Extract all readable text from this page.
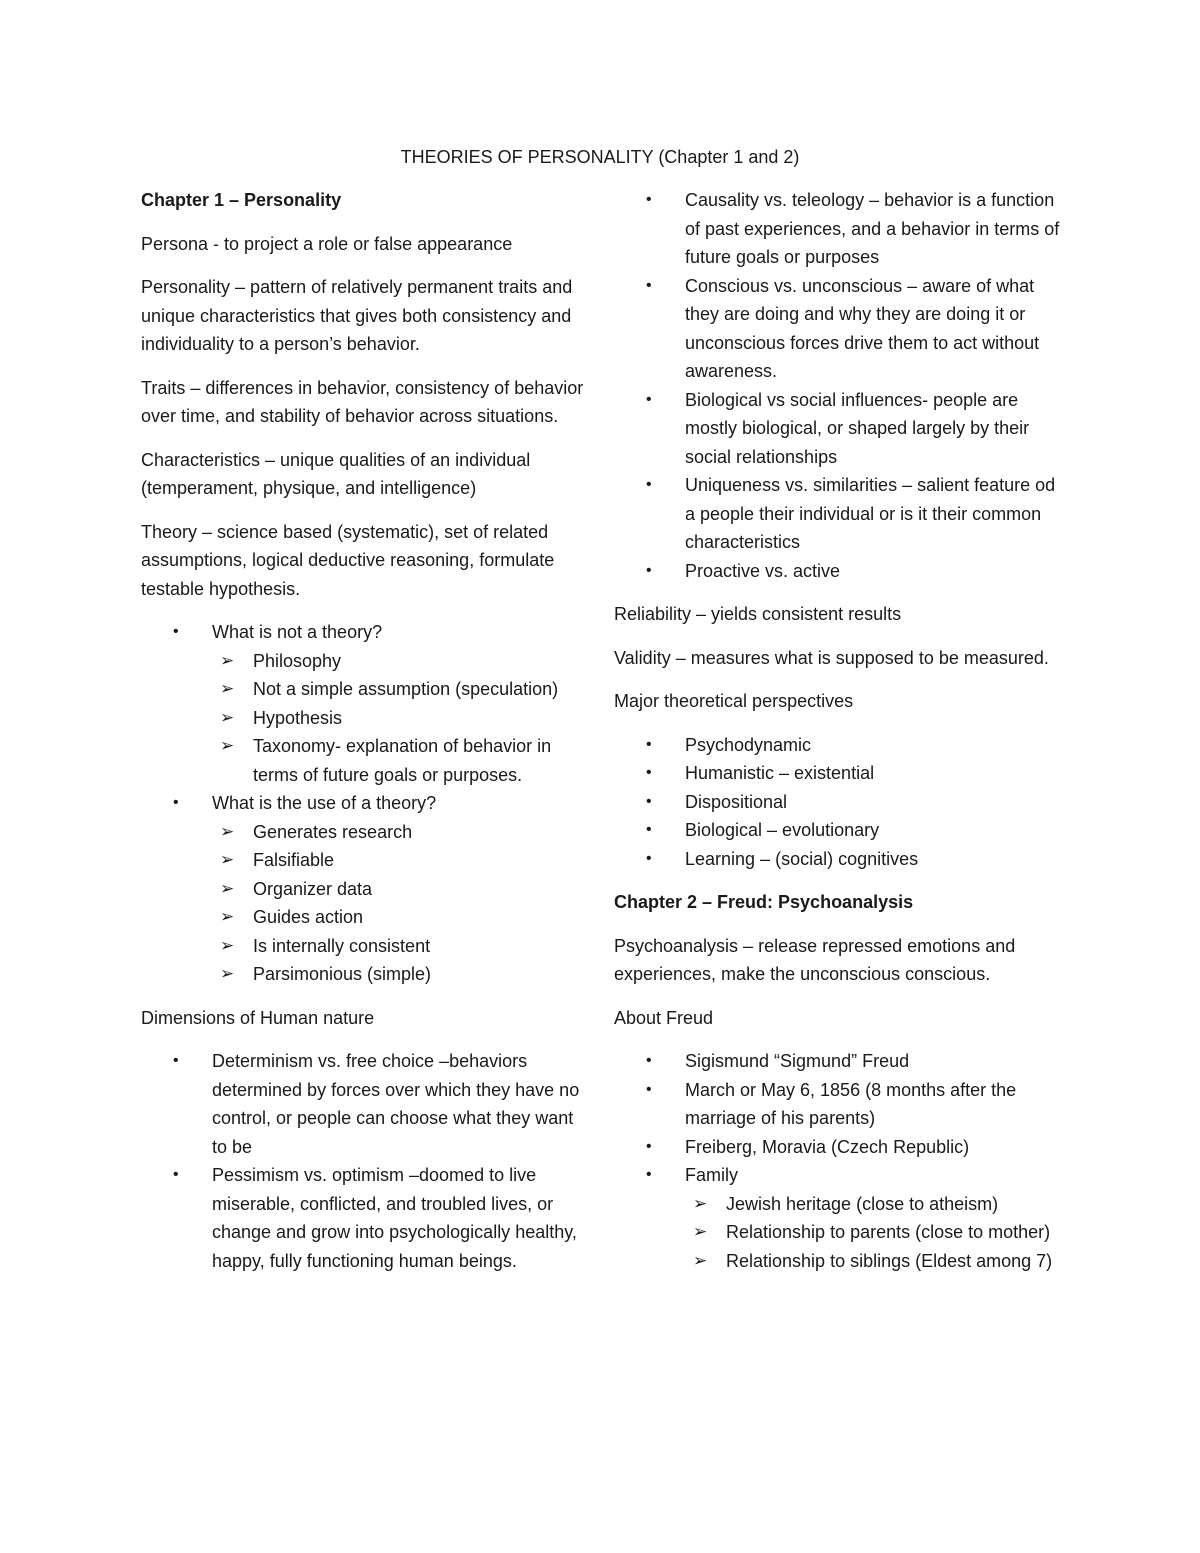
THEORIES OF PERSONALITY (Chapter 1 and 2)

Chapter 1 – Personality

Persona - to project a role or false appearance

Personality – pattern of relatively permanent traits and unique characteristics that gives both consistency and individuality to a person’s behavior.

Traits – differences in behavior, consistency of behavior over time, and stability of behavior across situations.

Characteristics – unique qualities of an individual (temperament, physique, and intelligence)

Theory – science based (systematic), set of related assumptions, logical deductive reasoning, formulate testable hypothesis.

•	What is not a theory?
➢ Philosophy
➢ Not a simple assumption (speculation)
➢ Hypothesis
➢ Taxonomy- explanation of behavior in terms of future goals or purposes.
•	What is the use of a theory?
➢ Generates research
➢ Falsifiable
➢ Organizer data
➢ Guides action
➢ Is internally consistent
➢ Parsimonious (simple)

Dimensions of Human nature

•	Determinism vs. free choice –behaviors determined by forces over which they have no control, or people can choose what they want to be
•	Pessimism vs. optimism –doomed to live miserable, conflicted, and troubled lives, or change and grow into psychologically healthy, happy, fully functioning human beings.
•	Causality vs. teleology – behavior is a function of past experiences, and a behavior in terms of future goals or purposes
•	Conscious vs. unconscious – aware of what they are doing and why they are doing it or unconscious forces drive them to act without awareness.
•	Biological vs social influences- people are mostly biological, or shaped largely by their social relationships
•	Uniqueness vs. similarities – salient feature od a people their individual or is it their common characteristics
•	Proactive vs. active

Reliability – yields consistent results

Validity – measures what is supposed to be measured.

Major theoretical perspectives

•	Psychodynamic
•	Humanistic – existential
•	Dispositional
•	Biological – evolutionary
•	Learning – (social) cognitives

Chapter 2 – Freud: Psychoanalysis

Psychoanalysis – release repressed emotions and experiences, make the unconscious conscious.

About Freud

•	Sigismund “Sigmund” Freud
•	March or May 6, 1856 (8 months after the marriage of his parents)
•	Freiberg, Moravia (Czech Republic)
•	Family
➢ Jewish heritage (close to atheism)
➢ Relationship to parents (close to mother)
➢ Relationship to siblings (Eldest among 7)
